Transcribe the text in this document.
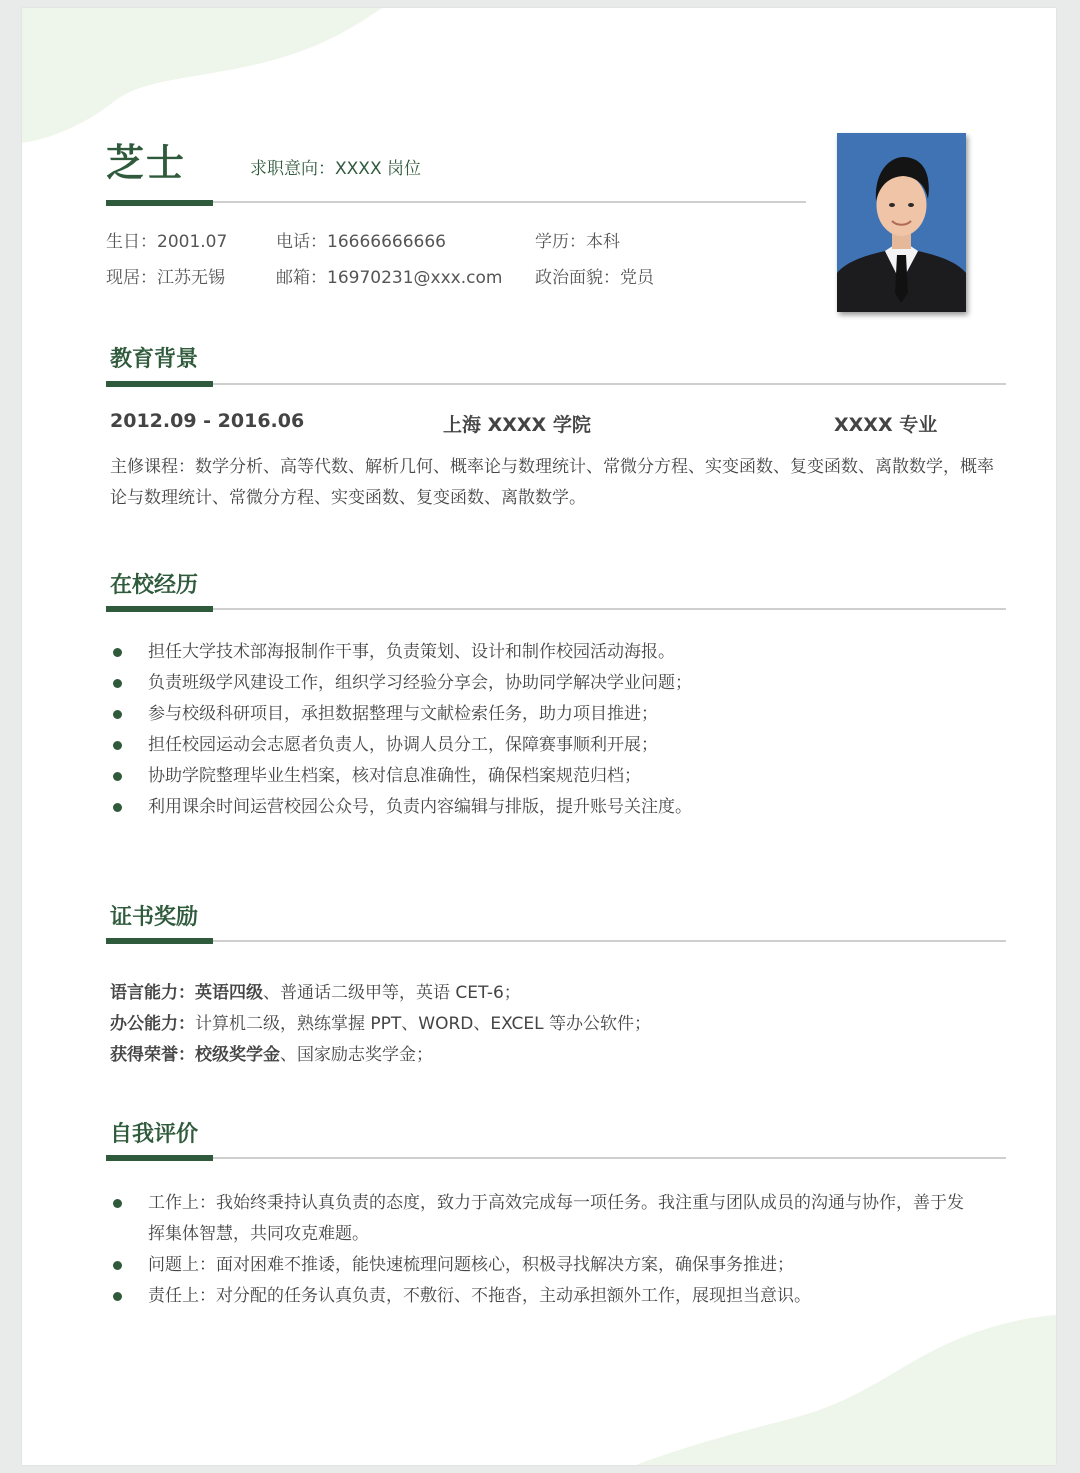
芝士	求职意向：XXXX 岗位
生日：2001.07	电话：16666666666	学历：本科
现居：江苏无锡	邮箱：16970231@xxx.com 政治面貌：党员
教育背景
2012.09 - 2016.06	上海 XXXX 学院	XXXX 专业
主修课程：数学分析、高等代数、解析几何、概率论与数理统计、常微分方程、实变函数、复变函数、离散数学，概率论与数理统计、常微分方程、实变函数、复变函数、离散数学。
在校经历
担任大学技术部海报制作干事，负责策划、设计和制作校园活动海报。
负责班级学风建设工作，组织学习经验分享会，协助同学解决学业问题；
参与校级科研项目，承担数据整理与文献检索任务，助力项目推进；
担任校园运动会志愿者负责人，协调人员分工，保障赛事顺利开展；
协助学院整理毕业生档案，核对信息准确性，确保档案规范归档；
利用课余时间运营校园公众号，负责内容编辑与排版，提升账号关注度。
证书奖励
语言能力：英语四级、普通话二级甲等，英语 CET-6；
办公能力：计算机二级，熟练掌握 PPT、WORD、EXCEL 等办公软件；
获得荣誉：校级奖学金、国家励志奖学金；
自我评价
工作上：我始终秉持认真负责的态度，致力于高效完成每一项任务。我注重与团队成员的沟通与协作，善于发挥集体智慧，共同攻克难题。
问题上：面对困难不推诿，能快速梳理问题核心，积极寻找解决方案，确保事务推进；
责任上：对分配的任务认真负责，不敷衍、不拖沓，主动承担额外工作，展现担当意识。
